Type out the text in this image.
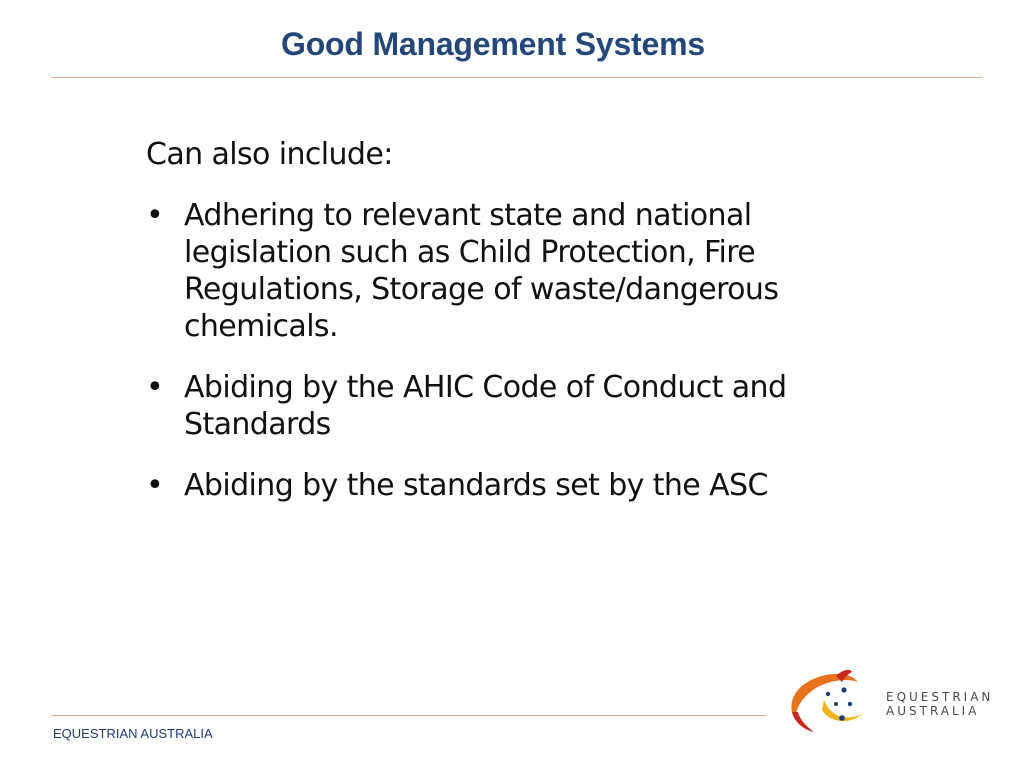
Good Management Systems

Can also include:

• Adhering to relevant state and national legislation such as Child Protection, Fire Regulations, Storage of waste/dangerous chemicals.
• Abiding by the AHIC Code of Conduct and Standards
• Abiding by the standards set by the ASC
EQUESTRIAN AUSTRALIA
EQUESTRIAN
AUSTRALIA
